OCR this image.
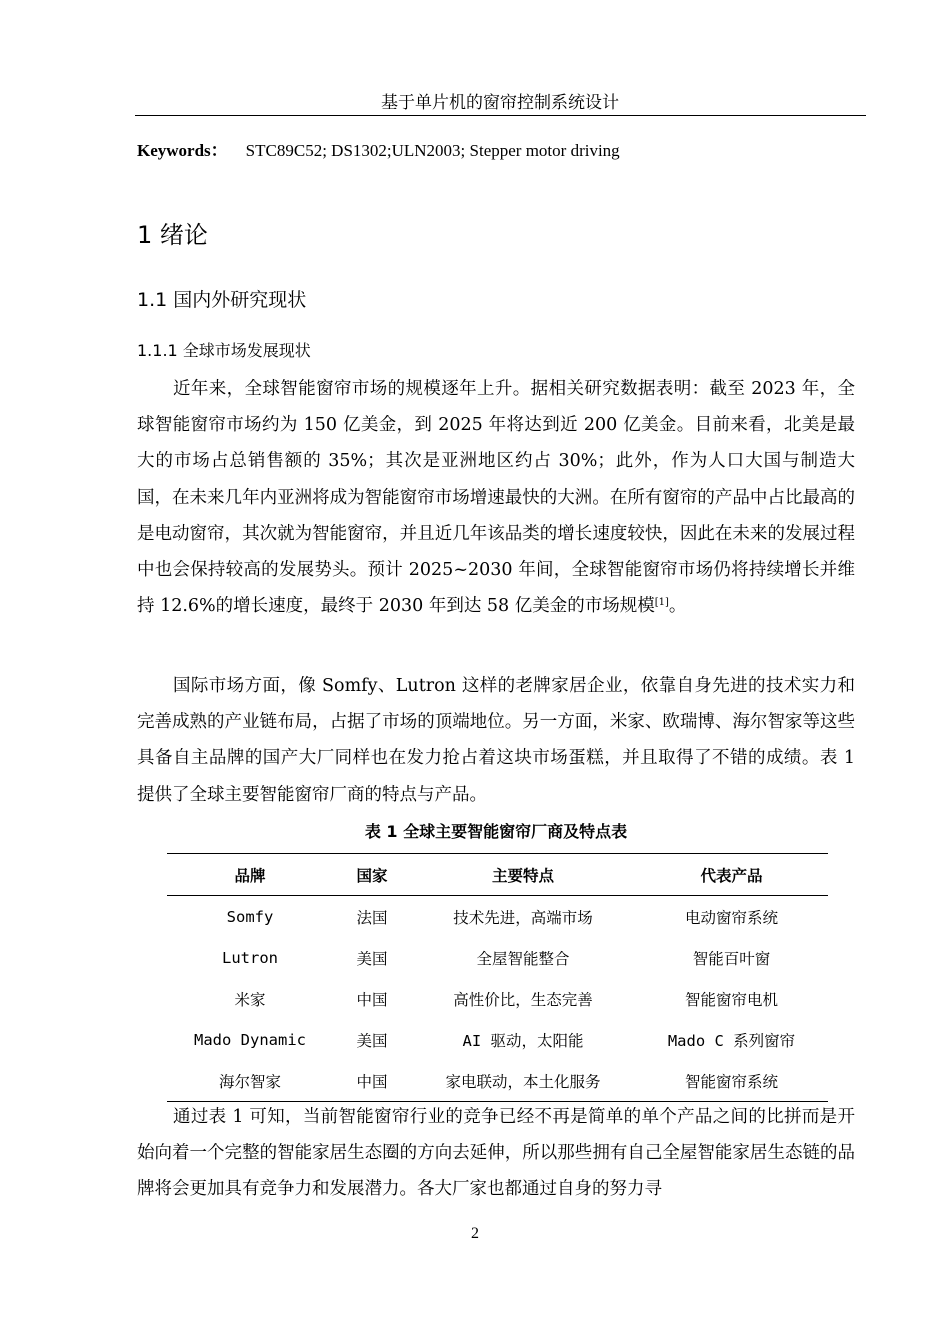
基于单片机的窗帘控制系统设计
Keywords： STC89C52; DS1302;ULN2003; Stepper motor driving
1 绪论
1.1 国内外研究现状
1.1.1 全球市场发展现状

近年来，全球智能窗帘市场的规模逐年上升。据相关研究数据表明：截至 2023 年，全球智能窗帘市场约为 150 亿美金，到 2025 年将达到近 200 亿美金。目前来看，北美是最大的市场占总销售额的 35%；其次是亚洲地区约占 30%；此外，作为人口大国与制造大国，在未来几年内亚洲将成为智能窗帘市场增速最快的大洲。在所有窗帘的产品中占比最高的是电动窗帘，其次就为智能窗帘，并且近几年该品类的增长速度较快，因此在未来的发展过程中也会保持较高的发展势头。预计 2025~2030 年间，全球智能窗帘市场仍将持续增长并维持 12.6%的增长速度，最终于 2030 年到达 58 亿美金的市场规模[1]。

国际市场方面，像 Somfy、Lutron 这样的老牌家居企业，依靠自身先进的技术实力和完善成熟的产业链布局，占据了市场的顶端地位。另一方面，米家、欧瑞博、海尔智家等这些具备自主品牌的国产大厂同样也在发力抢占着这块市场蛋糕，并且取得了不错的成绩。表 1 提供了全球主要智能窗帘厂商的特点与产品。

表 1 全球主要智能窗帘厂商及特点表
品牌	国家	主要特点	代表产品
Somfy	法国	技术先进，高端市场	电动窗帘系统
Lutron	美国	全屋智能整合	智能百叶窗
米家	中国	高性价比，生态完善	智能窗帘电机
Mado Dynamic	美国	AI 驱动，太阳能	Mado C 系列窗帘
海尔智家	中国	家电联动，本土化服务	智能窗帘系统

通过表 1 可知，当前智能窗帘行业的竞争已经不再是简单的单个产品之间的比拼而是开始向着一个完整的智能家居生态圈的方向去延伸，所以那些拥有自己全屋智能家居生态链的品牌将会更加具有竞争力和发展潜力。各大厂家也都通过自身的努力寻

2
